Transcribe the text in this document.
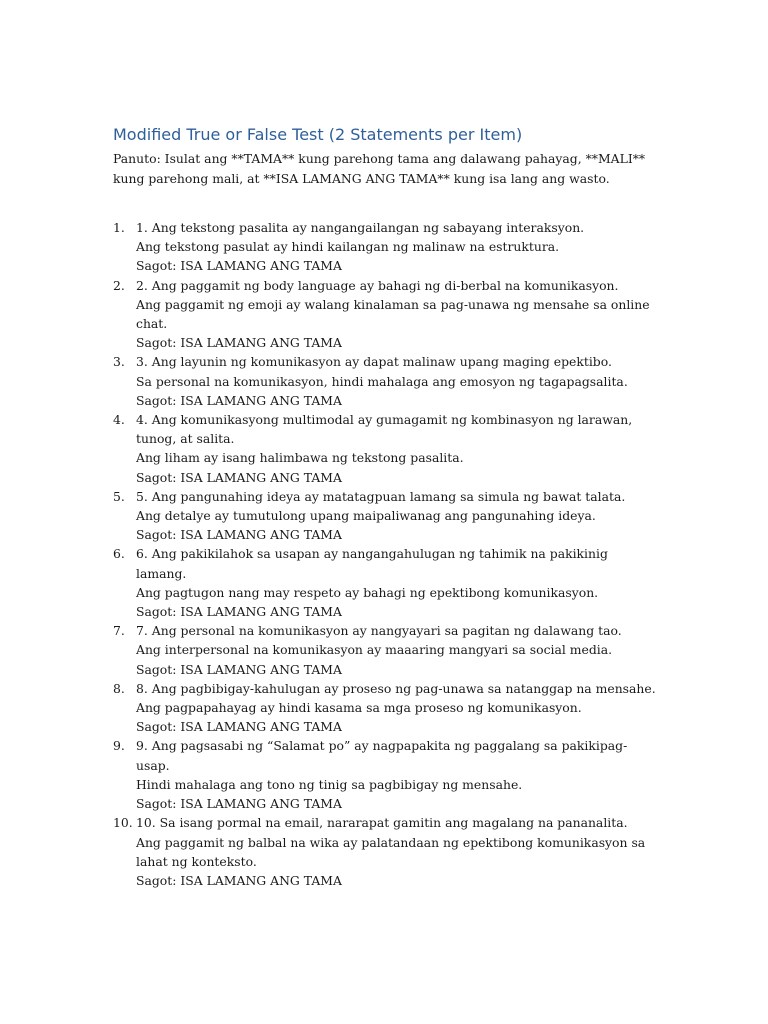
Modified True or False Test (2 Statements per Item)

Panuto: Isulat ang **TAMA** kung parehong tama ang dalawang pahayag, **MALI** kung parehong mali, at **ISA LAMANG ANG TAMA** kung isa lang ang wasto.

1. 1. Ang tekstong pasalita ay nangangailangan ng sabayang interaksyon.
Ang tekstong pasulat ay hindi kailangan ng malinaw na estruktura.
Sagot: ISA LAMANG ANG TAMA
2. 2. Ang paggamit ng body language ay bahagi ng di-berbal na komunikasyon.
Ang paggamit ng emoji ay walang kinalaman sa pag-unawa ng mensahe sa online chat.
Sagot: ISA LAMANG ANG TAMA
3. 3. Ang layunin ng komunikasyon ay dapat malinaw upang maging epektibo.
Sa personal na komunikasyon, hindi mahalaga ang emosyon ng tagapagsalita.
Sagot: ISA LAMANG ANG TAMA
4. 4. Ang komunikasyong multimodal ay gumagamit ng kombinasyon ng larawan, tunog, at salita.
Ang liham ay isang halimbawa ng tekstong pasalita.
Sagot: ISA LAMANG ANG TAMA
5. 5. Ang pangunahing ideya ay matatagpuan lamang sa simula ng bawat talata.
Ang detalye ay tumutulong upang maipaliwanag ang pangunahing ideya.
Sagot: ISA LAMANG ANG TAMA
6. 6. Ang pakikilahok sa usapan ay nangangahulugan ng tahimik na pakikinig lamang.
Ang pagtugon nang may respeto ay bahagi ng epektibong komunikasyon.
Sagot: ISA LAMANG ANG TAMA
7. 7. Ang personal na komunikasyon ay nangyayari sa pagitan ng dalawang tao.
Ang interpersonal na komunikasyon ay maaaring mangyari sa social media.
Sagot: ISA LAMANG ANG TAMA
8. 8. Ang pagbibigay-kahulugan ay proseso ng pag-unawa sa natanggap na mensahe.
Ang pagpapahayag ay hindi kasama sa mga proseso ng komunikasyon.
Sagot: ISA LAMANG ANG TAMA
9. 9. Ang pagsasabi ng “Salamat po” ay nagpapakita ng paggalang sa pakikipag-usap.
Hindi mahalaga ang tono ng tinig sa pagbibigay ng mensahe.
Sagot: ISA LAMANG ANG TAMA
10. 10. Sa isang pormal na email, nararapat gamitin ang magalang na pananalita.
Ang paggamit ng balbal na wika ay palatandaan ng epektibong komunikasyon sa lahat ng konteksto.
Sagot: ISA LAMANG ANG TAMA
